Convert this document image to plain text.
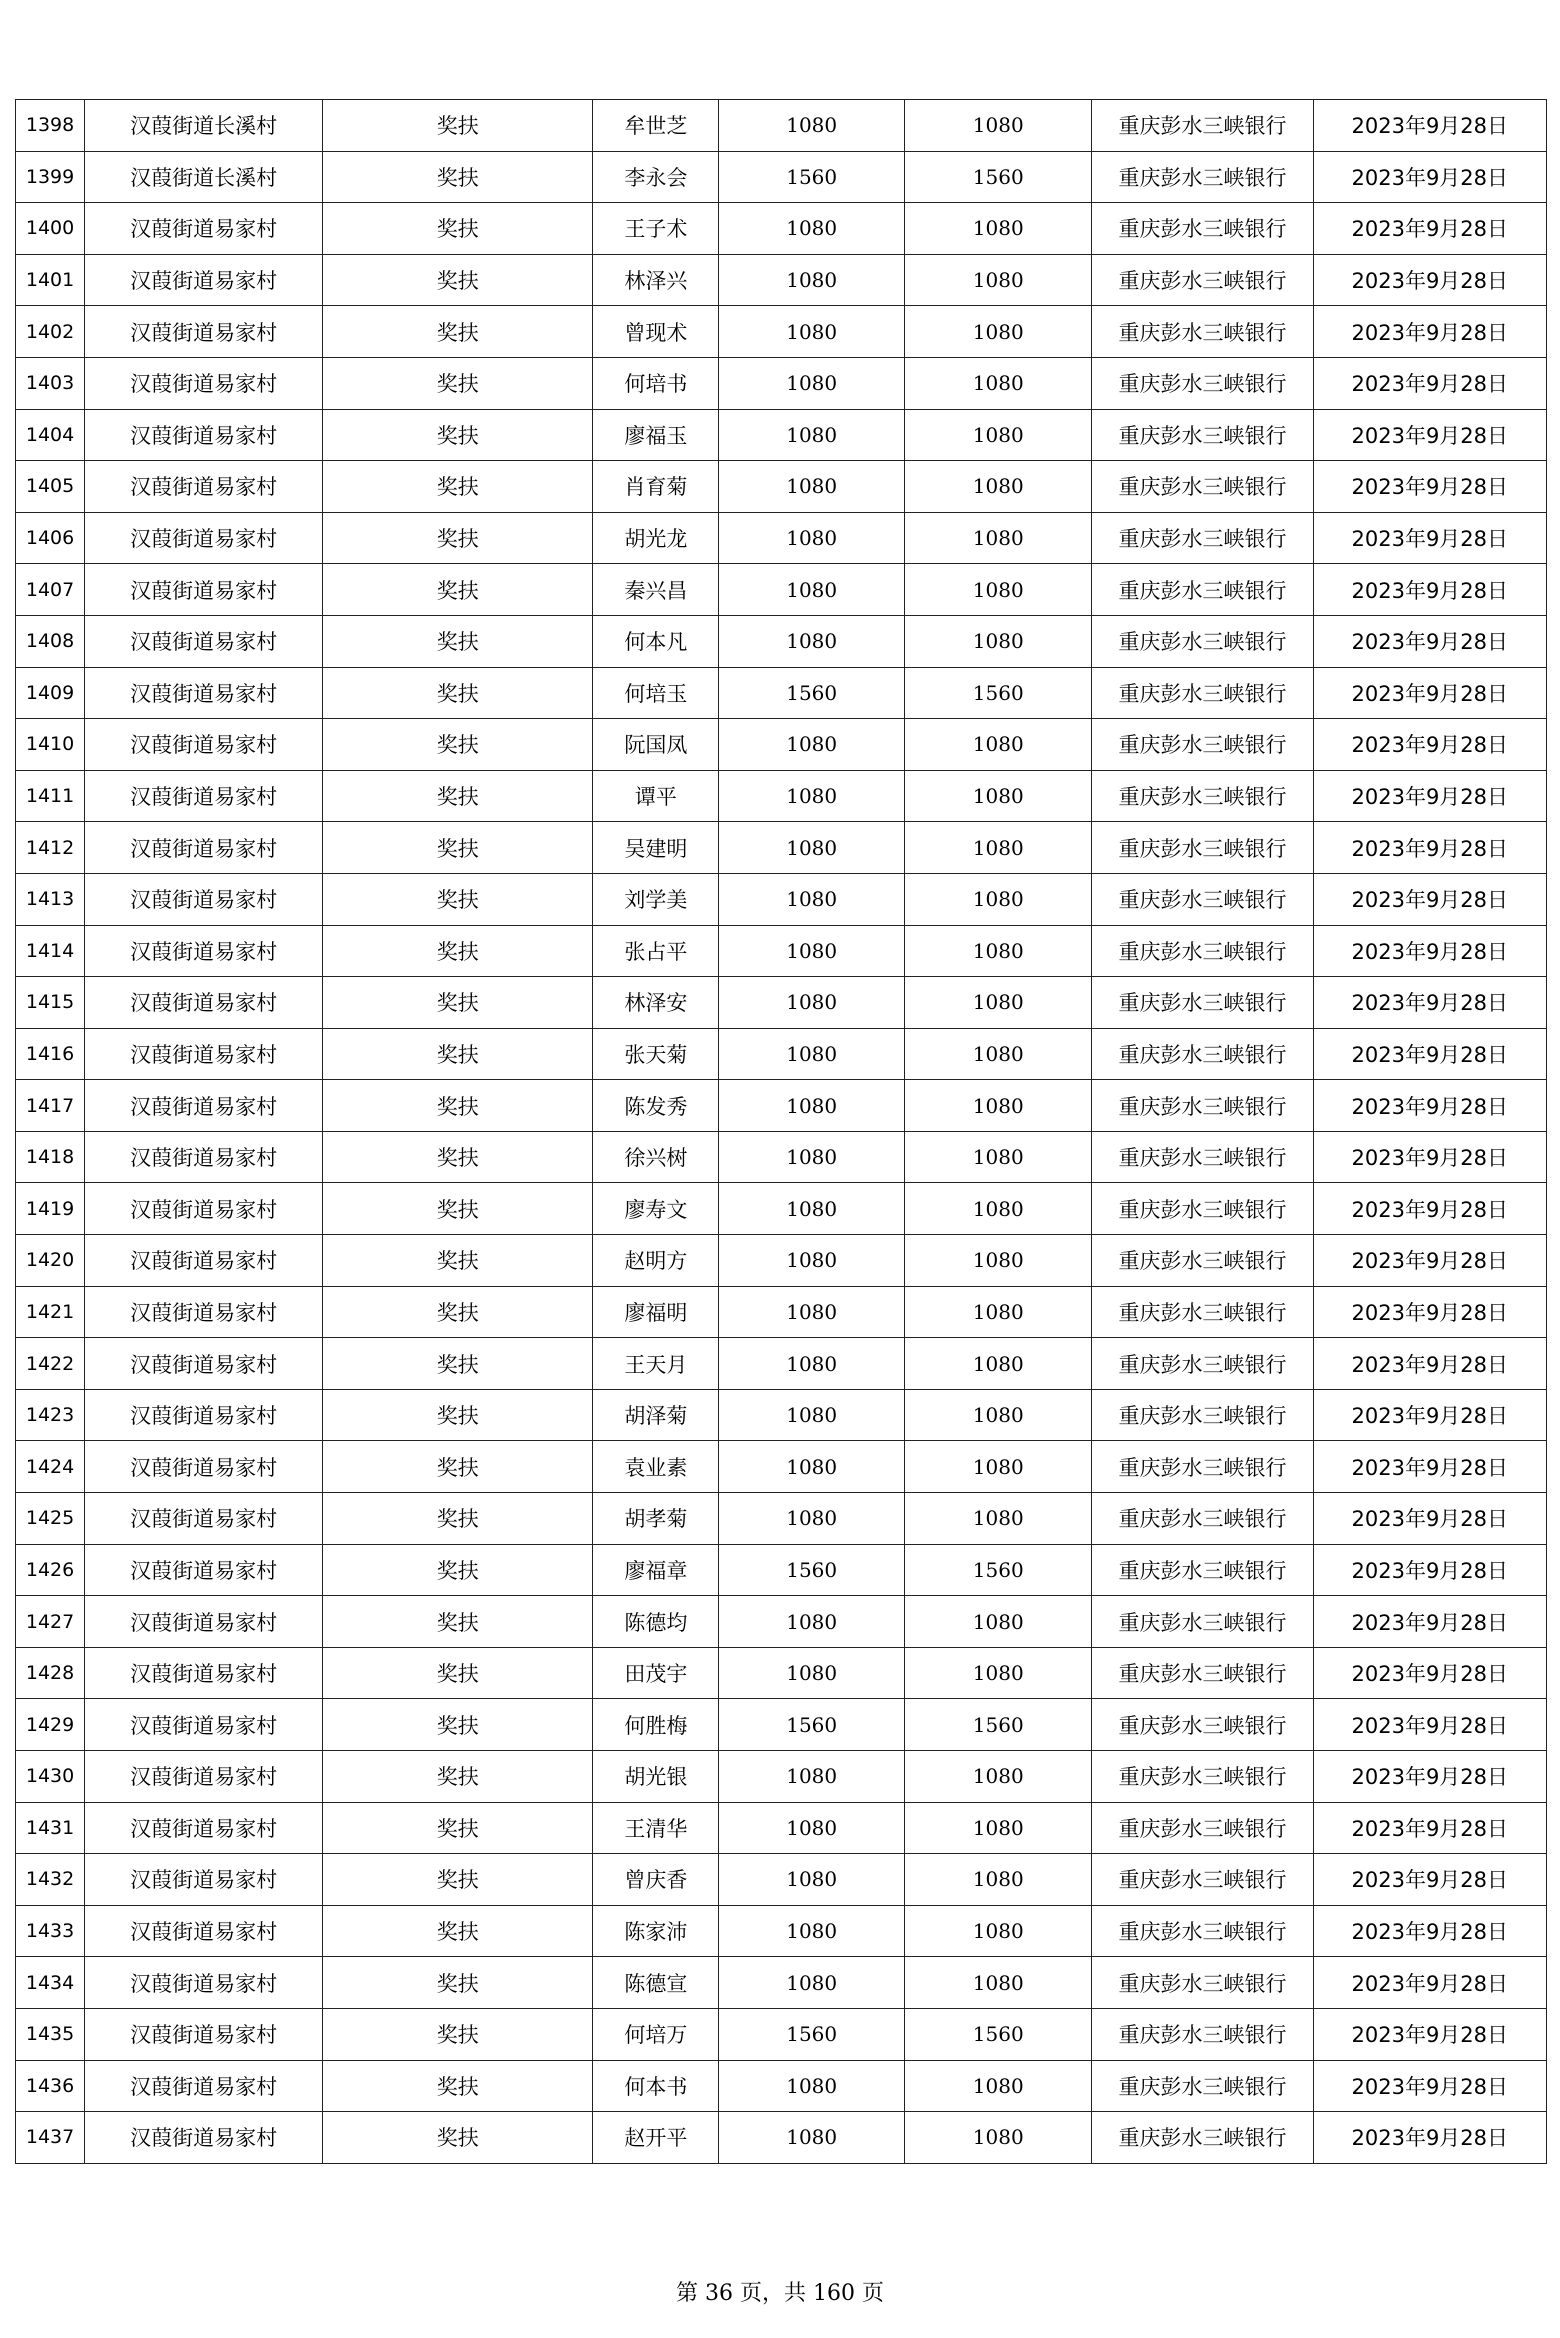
1398	汉葭街道长溪村	奖扶	牟世芝	1080	1080	重庆彭水三峡银行	2023年9月28日
1399	汉葭街道长溪村	奖扶	李永会	1560	1560	重庆彭水三峡银行	2023年9月28日
1400	汉葭街道易家村	奖扶	王子术	1080	1080	重庆彭水三峡银行	2023年9月28日
1401	汉葭街道易家村	奖扶	林泽兴	1080	1080	重庆彭水三峡银行	2023年9月28日
1402	汉葭街道易家村	奖扶	曾现术	1080	1080	重庆彭水三峡银行	2023年9月28日
1403	汉葭街道易家村	奖扶	何培书	1080	1080	重庆彭水三峡银行	2023年9月28日
1404	汉葭街道易家村	奖扶	廖福玉	1080	1080	重庆彭水三峡银行	2023年9月28日
1405	汉葭街道易家村	奖扶	肖育菊	1080	1080	重庆彭水三峡银行	2023年9月28日
1406	汉葭街道易家村	奖扶	胡光龙	1080	1080	重庆彭水三峡银行	2023年9月28日
1407	汉葭街道易家村	奖扶	秦兴昌	1080	1080	重庆彭水三峡银行	2023年9月28日
1408	汉葭街道易家村	奖扶	何本凡	1080	1080	重庆彭水三峡银行	2023年9月28日
1409	汉葭街道易家村	奖扶	何培玉	1560	1560	重庆彭水三峡银行	2023年9月28日
1410	汉葭街道易家村	奖扶	阮国凤	1080	1080	重庆彭水三峡银行	2023年9月28日
1411	汉葭街道易家村	奖扶	谭平	1080	1080	重庆彭水三峡银行	2023年9月28日
1412	汉葭街道易家村	奖扶	吴建明	1080	1080	重庆彭水三峡银行	2023年9月28日
1413	汉葭街道易家村	奖扶	刘学美	1080	1080	重庆彭水三峡银行	2023年9月28日
1414	汉葭街道易家村	奖扶	张占平	1080	1080	重庆彭水三峡银行	2023年9月28日
1415	汉葭街道易家村	奖扶	林泽安	1080	1080	重庆彭水三峡银行	2023年9月28日
1416	汉葭街道易家村	奖扶	张天菊	1080	1080	重庆彭水三峡银行	2023年9月28日
1417	汉葭街道易家村	奖扶	陈发秀	1080	1080	重庆彭水三峡银行	2023年9月28日
1418	汉葭街道易家村	奖扶	徐兴树	1080	1080	重庆彭水三峡银行	2023年9月28日
1419	汉葭街道易家村	奖扶	廖寿文	1080	1080	重庆彭水三峡银行	2023年9月28日
1420	汉葭街道易家村	奖扶	赵明方	1080	1080	重庆彭水三峡银行	2023年9月28日
1421	汉葭街道易家村	奖扶	廖福明	1080	1080	重庆彭水三峡银行	2023年9月28日
1422	汉葭街道易家村	奖扶	王天月	1080	1080	重庆彭水三峡银行	2023年9月28日
1423	汉葭街道易家村	奖扶	胡泽菊	1080	1080	重庆彭水三峡银行	2023年9月28日
1424	汉葭街道易家村	奖扶	袁业素	1080	1080	重庆彭水三峡银行	2023年9月28日
1425	汉葭街道易家村	奖扶	胡孝菊	1080	1080	重庆彭水三峡银行	2023年9月28日
1426	汉葭街道易家村	奖扶	廖福章	1560	1560	重庆彭水三峡银行	2023年9月28日
1427	汉葭街道易家村	奖扶	陈德均	1080	1080	重庆彭水三峡银行	2023年9月28日
1428	汉葭街道易家村	奖扶	田茂宇	1080	1080	重庆彭水三峡银行	2023年9月28日
1429	汉葭街道易家村	奖扶	何胜梅	1560	1560	重庆彭水三峡银行	2023年9月28日
1430	汉葭街道易家村	奖扶	胡光银	1080	1080	重庆彭水三峡银行	2023年9月28日
1431	汉葭街道易家村	奖扶	王清华	1080	1080	重庆彭水三峡银行	2023年9月28日
1432	汉葭街道易家村	奖扶	曾庆香	1080	1080	重庆彭水三峡银行	2023年9月28日
1433	汉葭街道易家村	奖扶	陈家沛	1080	1080	重庆彭水三峡银行	2023年9月28日
1434	汉葭街道易家村	奖扶	陈德宣	1080	1080	重庆彭水三峡银行	2023年9月28日
1435	汉葭街道易家村	奖扶	何培万	1560	1560	重庆彭水三峡银行	2023年9月28日
1436	汉葭街道易家村	奖扶	何本书	1080	1080	重庆彭水三峡银行	2023年9月28日
1437	汉葭街道易家村	奖扶	赵开平	1080	1080	重庆彭水三峡银行	2023年9月28日
第 36 页，共 160 页
